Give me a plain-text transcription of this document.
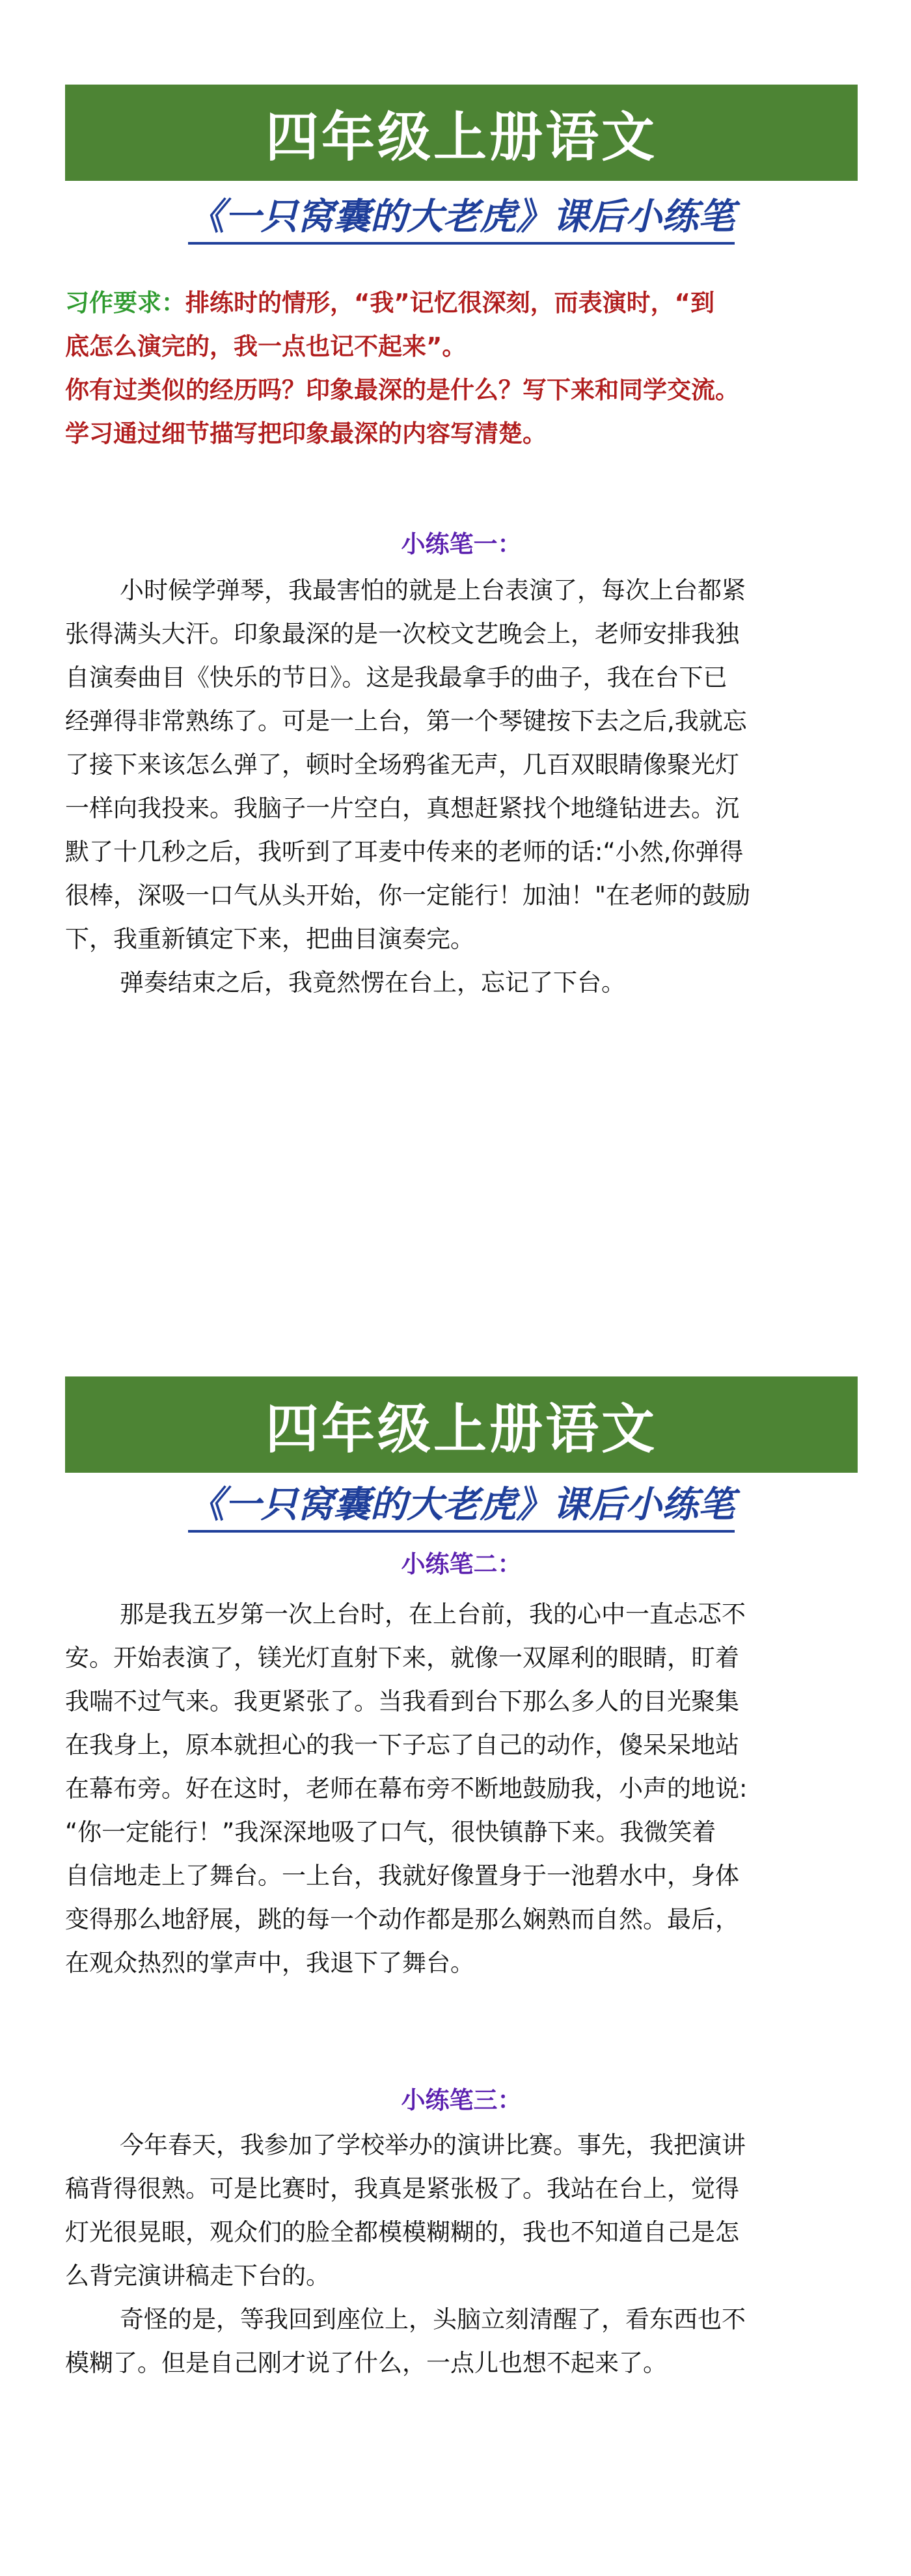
四年级上册语文
《一只窝囊的大老虎》课后小练笔
习作要求：排练时的情形，“我”记忆很深刻，而表演时，“到
底怎么演完的，我一点也记不起来”。
你有过类似的经历吗？印象最深的是什么？写下来和同学交流。
学习通过细节描写把印象最深的内容写清楚。
小练笔一：
小时候学弹琴，我最害怕的就是上台表演了，每次上台都紧
张得满头大汗。印象最深的是一次校文艺晚会上，老师安排我独
自演奏曲目《快乐的节日》。这是我最拿手的曲子，我在台下已
经弹得非常熟练了。可是一上台，第一个琴键按下去之后,我就忘
了接下来该怎么弹了，顿时全场鸦雀无声，几百双眼睛像聚光灯
一样向我投来。我脑子一片空白，真想赶紧找个地缝钻进去。沉
默了十几秒之后，我听到了耳麦中传来的老师的话:“小然,你弹得
很棒，深吸一口气从头开始，你一定能行！加油！"在老师的鼓励
下，我重新镇定下来，把曲目演奏完。
弹奏结束之后，我竟然愣在台上，忘记了下台。
四年级上册语文
《一只窝囊的大老虎》课后小练笔
小练笔二：
那是我五岁第一次上台时，在上台前，我的心中一直忐忑不
安。开始表演了，镁光灯直射下来，就像一双犀利的眼睛，盯着
我喘不过气来。我更紧张了。当我看到台下那么多人的目光聚集
在我身上，原本就担心的我一下子忘了自己的动作，傻呆呆地站
在幕布旁。好在这时，老师在幕布旁不断地鼓励我，小声的地说:
“你一定能行！”我深深地吸了口气，很快镇静下来。我微笑着
自信地走上了舞台。一上台，我就好像置身于一池碧水中，身体
变得那么地舒展，跳的每一个动作都是那么娴熟而自然。最后，
在观众热烈的掌声中，我退下了舞台。
小练笔三：
今年春天，我参加了学校举办的演讲比赛。事先，我把演讲
稿背得很熟。可是比赛时，我真是紧张极了。我站在台上，觉得
灯光很晃眼，观众们的脸全都模模糊糊的，我也不知道自己是怎
么背完演讲稿走下台的。
奇怪的是，等我回到座位上，头脑立刻清醒了，看东西也不
模糊了。但是自己刚才说了什么，一点儿也想不起来了。
